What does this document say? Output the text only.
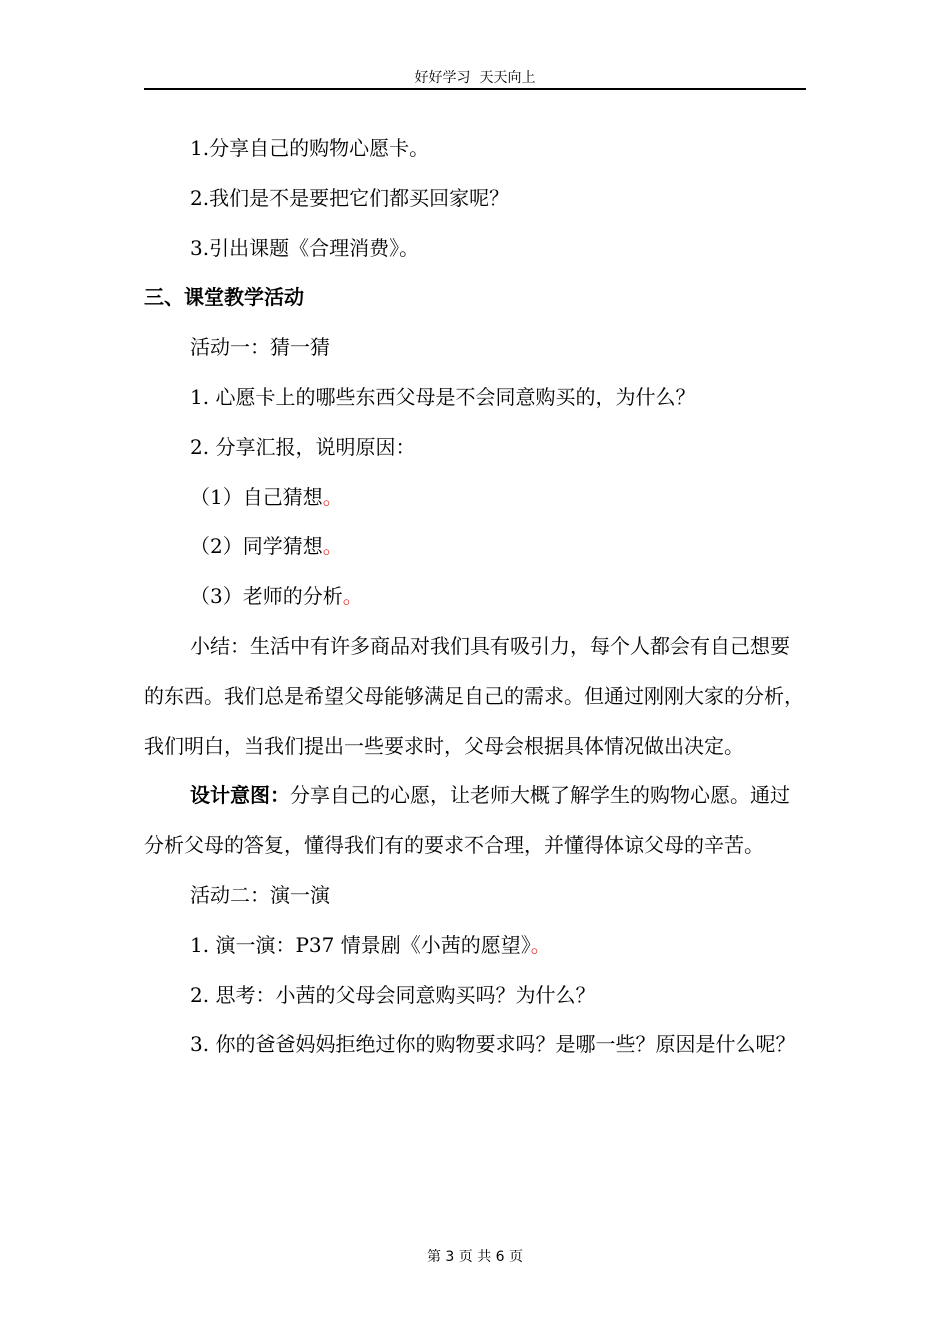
好好学习  天天向上

1.分享自己的购物心愿卡。

2.我们是不是要把它们都买回家呢？

3.引出课题《合理消费》。

三、课堂教学活动

活动一：猜一猜

1. 心愿卡上的哪些东西父母是不会同意购买的，为什么？

2. 分享汇报，说明原因：

（1）自己猜想。

（2）同学猜想。

（3）老师的分析。

小结：生活中有许多商品对我们具有吸引力，每个人都会有自己想要的东西。我们总是希望父母能够满足自己的需求。但通过刚刚大家的分析，我们明白，当我们提出一些要求时，父母会根据具体情况做出决定。

设计意图：分享自己的心愿，让老师大概了解学生的购物心愿。通过分析父母的答复，懂得我们有的要求不合理，并懂得体谅父母的辛苦。

活动二：演一演

1. 演一演：P37 情景剧《小茜的愿望》。

2. 思考：小茜的父母会同意购买吗？为什么？

3. 你的爸爸妈妈拒绝过你的购物要求吗？是哪一些？原因是什么呢？

第 3 页 共 6 页
